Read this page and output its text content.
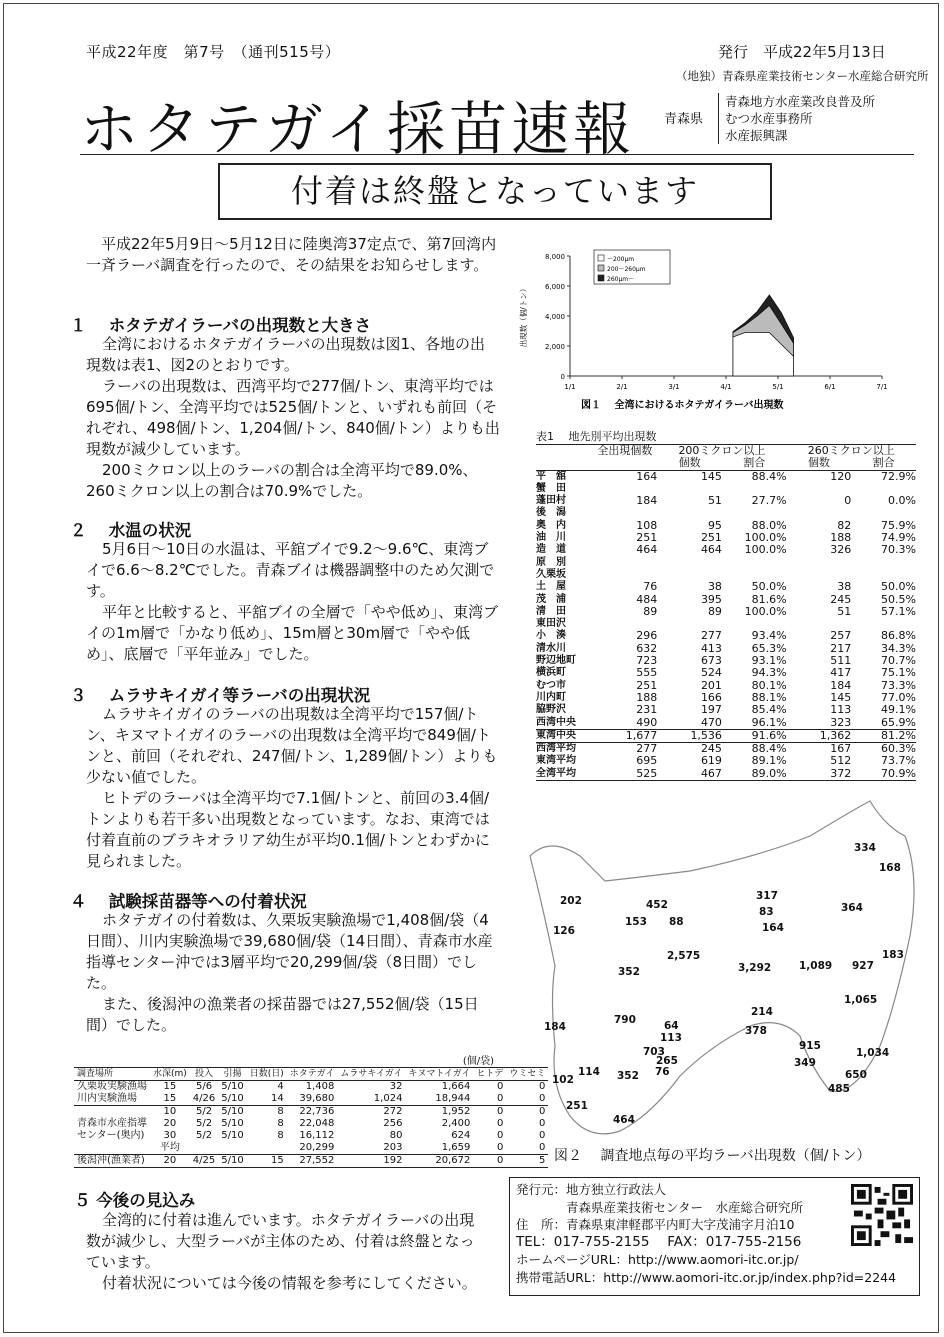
平成22年度　第7号　（通刊515号）	発行　平成22年5月13日
（地独）青森県産業技術センター水産総合研究所
ホタテガイ採苗速報 青森県
青森地方水産業改良普及所
むつ水産事務所
水産振興課
付着は終盤となっています
平成22年5月9日～5月12日に陸奥湾37定点で、第7回湾内一斉ラーバ調査を行ったので、その結果をお知らせします。
１　 ホタテガイラーバの出現数と大きさ

全湾におけるホタテガイラーバの出現数は図1、各地の出現数は表1、図2のとおりです。

ラーバの出現数は、西湾平均で277個/トン、東湾平均では695個/トン、全湾平均では525個/トンと、いずれも前回（それぞれ、498個/トン、1,204個/トン、840個/トン）よりも出現数が減少しています。

200ミクロン以上のラーバの割合は全湾平均で89.0%、260ミクロン以上の割合は70.9%でした。

２　 水温の状況

5月6日～10日の水温は、平舘ブイで9.2～9.6℃、東湾ブイで6.6～8.2℃でした。青森ブイは機器調整中のため欠測です。

平年と比較すると、平舘ブイの全層で「やや低め」、東湾ブイの1m層で「かなり低め」、15m層と30m層で「やや低め」、底層で「平年並み」でした。

３　 ムラサキイガイ等ラーバの出現状況

ムラサキイガイのラーバの出現数は全湾平均で157個/トン、キヌマトイガイのラーバの出現数は全湾平均で849個/トンと、前回（それぞれ、247個/トン、1,289個/トン）よりも少ない値でした。

ヒトデのラーバは全湾平均で7.1個/トンと、前回の3.4個/トンよりも若干多い出現数となっています。なお、東湾では付着直前のブラキオラリア幼生が平均0.1個/トンとわずかに見られました。

４　 試験採苗器等への付着状況

ホタテガイの付着数は、久栗坂実験漁場で1,408個/袋（4日間）、川内実験漁場で39,680個/袋（14日間）、青森市水産指導センター沖では3層平均で20,299個/袋（8日間）でした。

また、後潟沖の漁業者の採苗器では27,552個/袋（15日間）でした。

(個/袋)
調査場所	水深(m)	投入	引揚	日数(日)	ホタテガイ	ムラサキイガイ	キヌマトイガイ	ヒトデ	ウミセミ
久栗坂実験漁場	15	5/6	5/10	4	1,408	32	1,664	0	0
川内実験漁場	15	4/26	5/10	14	39,680	1,024	18,944	0	0
	10	5/2	5/10	8	22,736	272	1,952	0	0
青森市水産指導	20	5/2	5/10	8	22,048	256	2,400	0	0
センター(奥内)	30	5/2	5/10	8	16,112	80	624	0	0
	平均				20,299	203	1,659	0	0
後潟沖(漁業者)	20	4/25	5/10	15	27,552	192	20,672	0	5
５ 今後の見込み

全湾的に付着は進んでいます。ホタテガイラーバの出現数が減少し、大型ラーバが主体のため、付着は終盤となっています。

付着状況については今後の情報を参考にしてください。

0
2,000
4,000
6,000
8,000
1/1	2/1	3/1	4/1	5/1	6/1	7/1
出現数（個/トン）
～200μm
200～260μm
260μm～
図１　 全湾におけるホタテガイラーバ出現数
表1　 地先別平均出現数
	全出現個数	200ミクロン以上		260ミクロン以上	
		個数	割合	個数	割合
平　舘	164	145	88.4%	120	72.9%
蟹　田					
蓬田村	184	51	27.7%	0	0.0%
後　潟					
奥　内	108	95	88.0%	82	75.9%
油　川	251	251	100.0%	188	74.9%
造　道	464	464	100.0%	326	70.3%
原　別					
久栗坂					
土　屋	76	38	50.0%	38	50.0%
茂　浦	484	395	81.6%	245	50.5%
清　田	89	89	100.0%	51	57.1%
東田沢					
小　湊	296	277	93.4%	257	86.8%
清水川	632	413	65.3%	217	34.3%
野辺地町	723	673	93.1%	511	70.7%
横浜町	555	524	94.3%	417	75.1%
むつ市	251	201	80.1%	184	73.3%
川内町	188	166	88.1%	145	77.0%
脇野沢	231	197	85.4%	113	49.1%
西湾中央	490	470	96.1%	323	65.9%
東湾中央	1,677	1,536	91.6%	1,362	81.2%
西湾平均	277	245	88.4%	167	60.3%
東湾平均	695	619	89.1%	512	73.7%
全湾平均	525	467	89.0%	372	70.9%
334
168
202	452
317
83	364
126
153 88	164
183
2,575
3,292	1,089 927
352
1,065
214
790	64
113
378
184
915
703	1,034
265	349
114 352 76	650
102
485
251
464
図２　 調査地点毎の平均ラーバ出現数（個/トン）
発行元：地方独立行政法人
　　　　青森県産業技術センター　水産総合研究所
住　所：青森県東津軽郡平内町大字茂浦字月泊10
TEL：017-755-2155　 FAX：017-755-2156
ホームページURL：http://www.aomori-itc.or.jp/
携帯電話URL：http://www.aomori-itc.or.jp/index.php?id=2244
